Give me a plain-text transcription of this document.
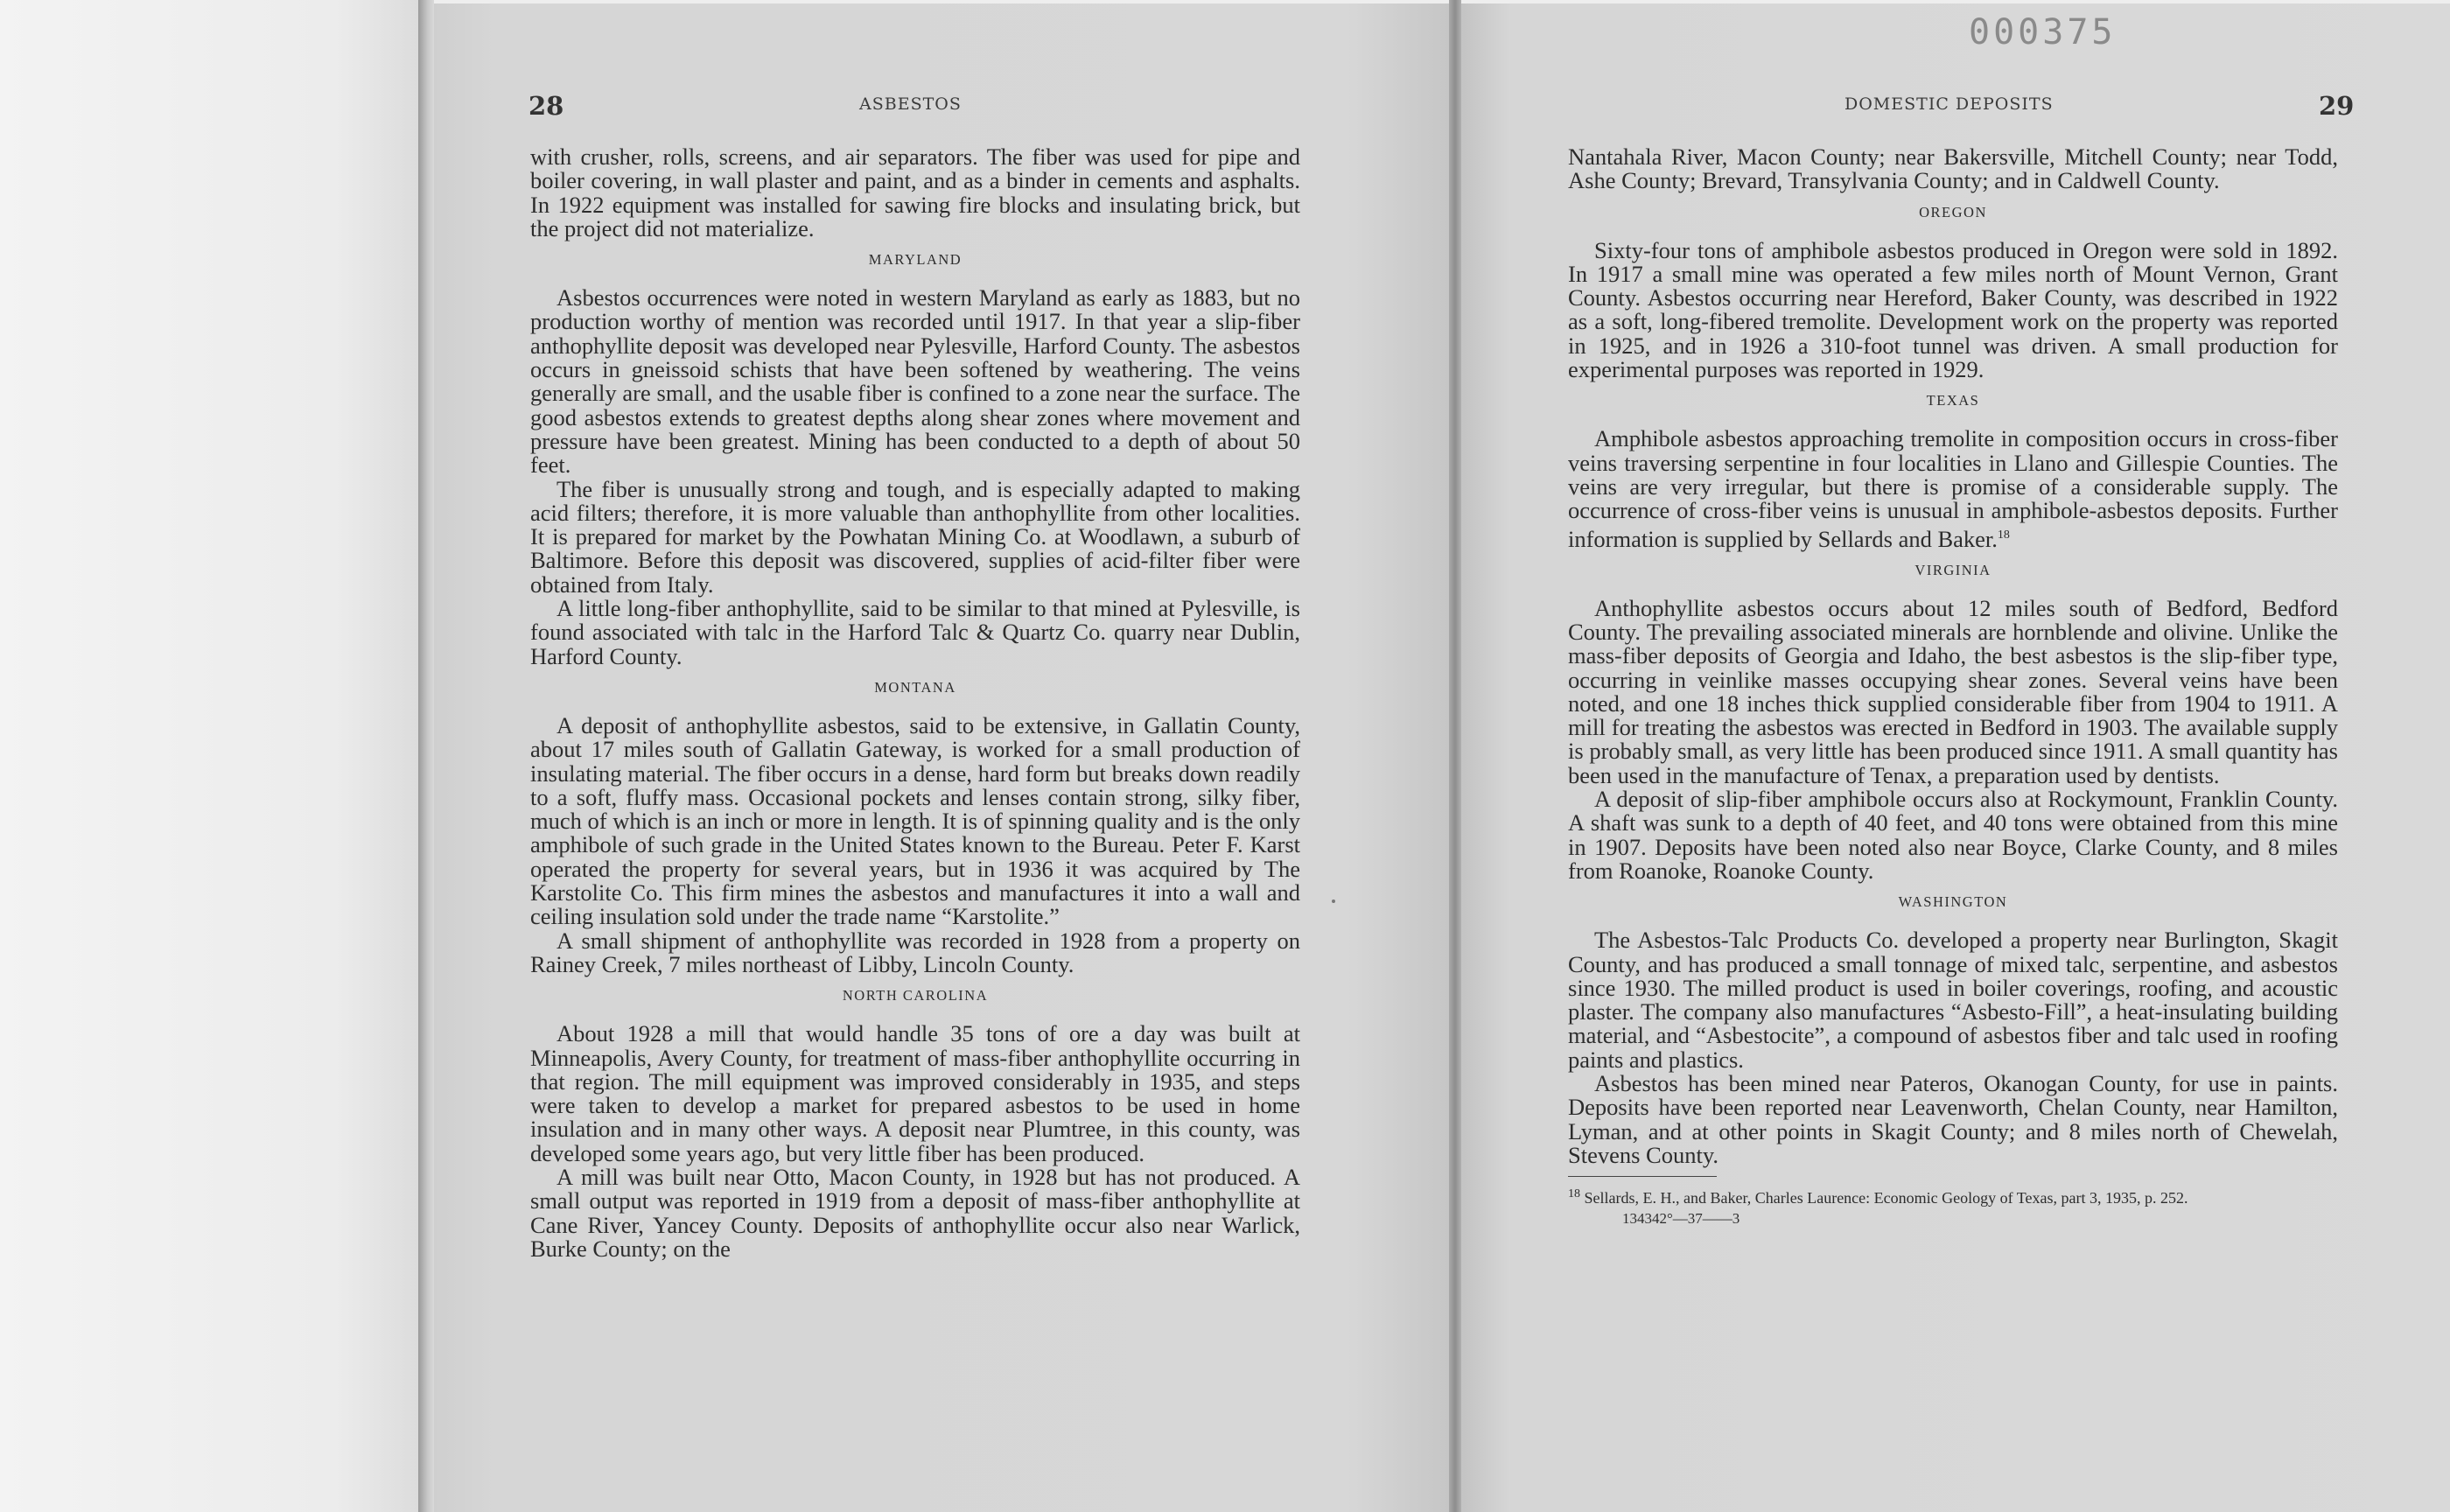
28	ASBESTOS

with crusher, rolls, screens, and air separators. The fiber was used for pipe and boiler covering, in wall plaster and paint, and as a binder in cements and asphalts. In 1922 equipment was installed for sawing fire blocks and insulating brick, but the project did not materialize.

MARYLAND

Asbestos occurrences were noted in western Maryland as early as 1883, but no production worthy of mention was recorded until 1917. In that year a slip-fiber anthophyllite deposit was developed near Pylesville, Harford County. The asbestos occurs in gneissoid schists that have been softened by weathering. The veins generally are small, and the usable fiber is confined to a zone near the surface. The good asbestos extends to greatest depths along shear zones where movement and pressure have been greatest. Mining has been conducted to a depth of about 50 feet.

The fiber is unusually strong and tough, and is especially adapted to making acid filters; therefore, it is more valuable than anthophyllite from other localities. It is prepared for market by the Powhatan Mining Co. at Woodlawn, a suburb of Baltimore. Before this deposit was discovered, supplies of acid-filter fiber were obtained from Italy.

A little long-fiber anthophyllite, said to be similar to that mined at Pylesville, is found associated with talc in the Harford Talc & Quartz Co. quarry near Dublin, Harford County.

MONTANA

A deposit of anthophyllite asbestos, said to be extensive, in Gallatin County, about 17 miles south of Gallatin Gateway, is worked for a small production of insulating material. The fiber occurs in a dense, hard form but breaks down readily to a soft, fluffy mass. Occasional pockets and lenses contain strong, silky fiber, much of which is an inch or more in length. It is of spinning quality and is the only amphibole of such grade in the United States known to the Bureau. Peter F. Karst operated the property for several years, but in 1936 it was acquired by The Karstolite Co. This firm mines the asbestos and manufactures it into a wall and ceiling insulation sold under the trade name “Karstolite.”

A small shipment of anthophyllite was recorded in 1928 from a property on Rainey Creek, 7 miles northeast of Libby, Lincoln County.

NORTH CAROLINA

About 1928 a mill that would handle 35 tons of ore a day was built at Minneapolis, Avery County, for treatment of mass-fiber anthophyllite occurring in that region. The mill equipment was improved considerably in 1935, and steps were taken to develop a market for prepared asbestos to be used in home insulation and in many other ways. A deposit near Plumtree, in this county, was developed some years ago, but very little fiber has been produced.

A mill was built near Otto, Macon County, in 1928 but has not produced. A small output was reported in 1919 from a deposit of mass-fiber anthophyllite at Cane River, Yancey County. Deposits of anthophyllite occur also near Warlick, Burke County; on the

000375
DOMESTIC DEPOSITS	29

Nantahala River, Macon County; near Bakersville, Mitchell County; near Todd, Ashe County; Brevard, Transylvania County; and in Caldwell County.

OREGON

Sixty-four tons of amphibole asbestos produced in Oregon were sold in 1892. In 1917 a small mine was operated a few miles north of Mount Vernon, Grant County. Asbestos occurring near Hereford, Baker County, was described in 1922 as a soft, long-fibered tremolite. Development work on the property was reported in 1925, and in 1926 a 310-foot tunnel was driven. A small production for experimental purposes was reported in 1929.

TEXAS

Amphibole asbestos approaching tremolite in composition occurs in cross-fiber veins traversing serpentine in four localities in Llano and Gillespie Counties. The veins are very irregular, but there is promise of a considerable supply. The occurrence of cross-fiber veins is unusual in amphibole-asbestos deposits. Further information is supplied by Sellards and Baker.$^{18}$

VIRGINIA

Anthophyllite asbestos occurs about 12 miles south of Bedford, Bedford County. The prevailing associated minerals are hornblende and olivine. Unlike the mass-fiber deposits of Georgia and Idaho, the best asbestos is the slip-fiber type, occurring in veinlike masses occupying shear zones. Several veins have been noted, and one 18 inches thick supplied considerable fiber from 1904 to 1911. A mill for treating the asbestos was erected in Bedford in 1903. The available supply is probably small, as very little has been produced since 1911. A small quantity has been used in the manufacture of Tenax, a preparation used by dentists.

A deposit of slip-fiber amphibole occurs also at Rockymount, Franklin County. A shaft was sunk to a depth of 40 feet, and 40 tons were obtained from this mine in 1907. Deposits have been noted also near Boyce, Clarke County, and 8 miles from Roanoke, Roanoke County.

WASHINGTON

The Asbestos-Talc Products Co. developed a property near Burlington, Skagit County, and has produced a small tonnage of mixed talc, serpentine, and asbestos since 1930. The milled product is used in boiler coverings, roofing, and acoustic plaster. The company also manufactures “Asbesto-Fill”, a heat-insulating building material, and “Asbestocite”, a compound of asbestos fiber and talc used in roofing paints and plastics.

Asbestos has been mined near Pateros, Okanogan County, for use in paints. Deposits have been reported near Leavenworth, Chelan County, near Hamilton, Lyman, and at other points in Skagit County; and 8 miles north of Chewelah, Stevens County.

$^{18}$ Sellards, E. H., and Baker, Charles Laurence: Economic Geology of Texas, part 3, 1935, p. 252.

134342°—37——3
